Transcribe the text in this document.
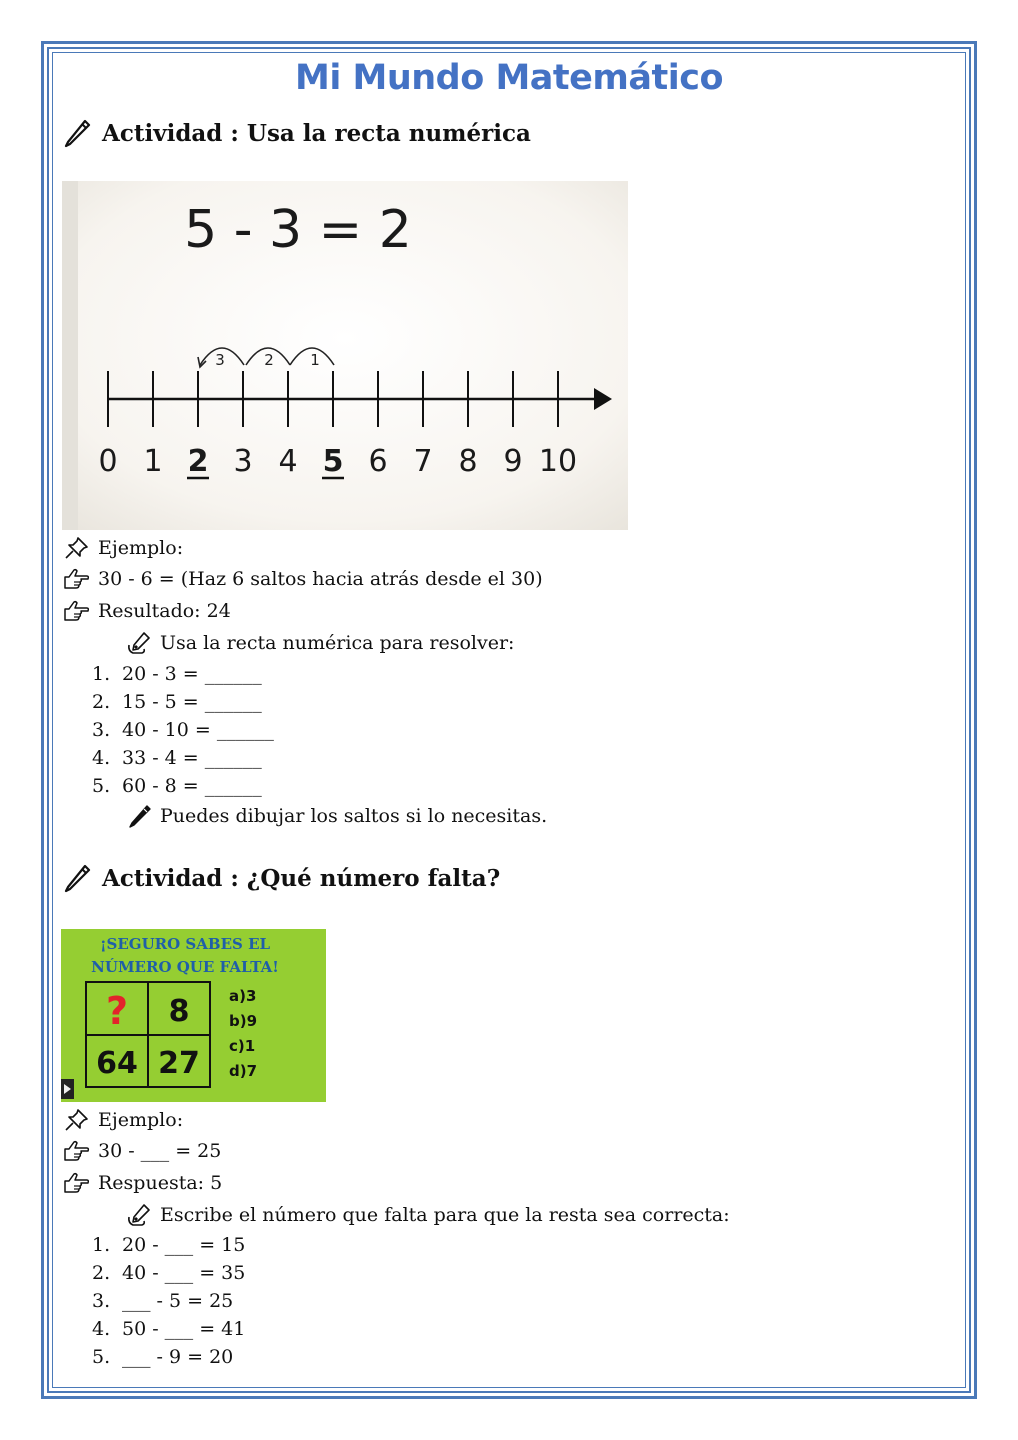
Mi Mundo Matemático
Actividad : Usa la recta numérica
5 - 3 = 2
3	2 1
0 1 2 3 4 5 6 7 8 9 10
Ejemplo:
30 - 6 = (Haz 6 saltos hacia atrás desde el 30)
Resultado: 24
Usa la recta numérica para resolver:
1. 20 - 3 = ______
2. 15 - 5 = ______
3. 40 - 10 = ______
4. 33 - 4 = ______
5. 60 - 8 = ______
Puedes dibujar los saltos si lo necesitas.
Actividad : ¿Qué número falta?
¡SEGURO SABES EL
NÚMERO QUE FALTA!
? 8
64 27
a)3
b)9
c)1
d)7
Ejemplo:
30 - ___ = 25
Respuesta: 5
Escribe el número que falta para que la resta sea correcta:
1. 20 - ___ = 15
2. 40 - ___ = 35
3. ___ - 5 = 25
4. 50 - ___ = 41
5. ___ - 9 = 20
